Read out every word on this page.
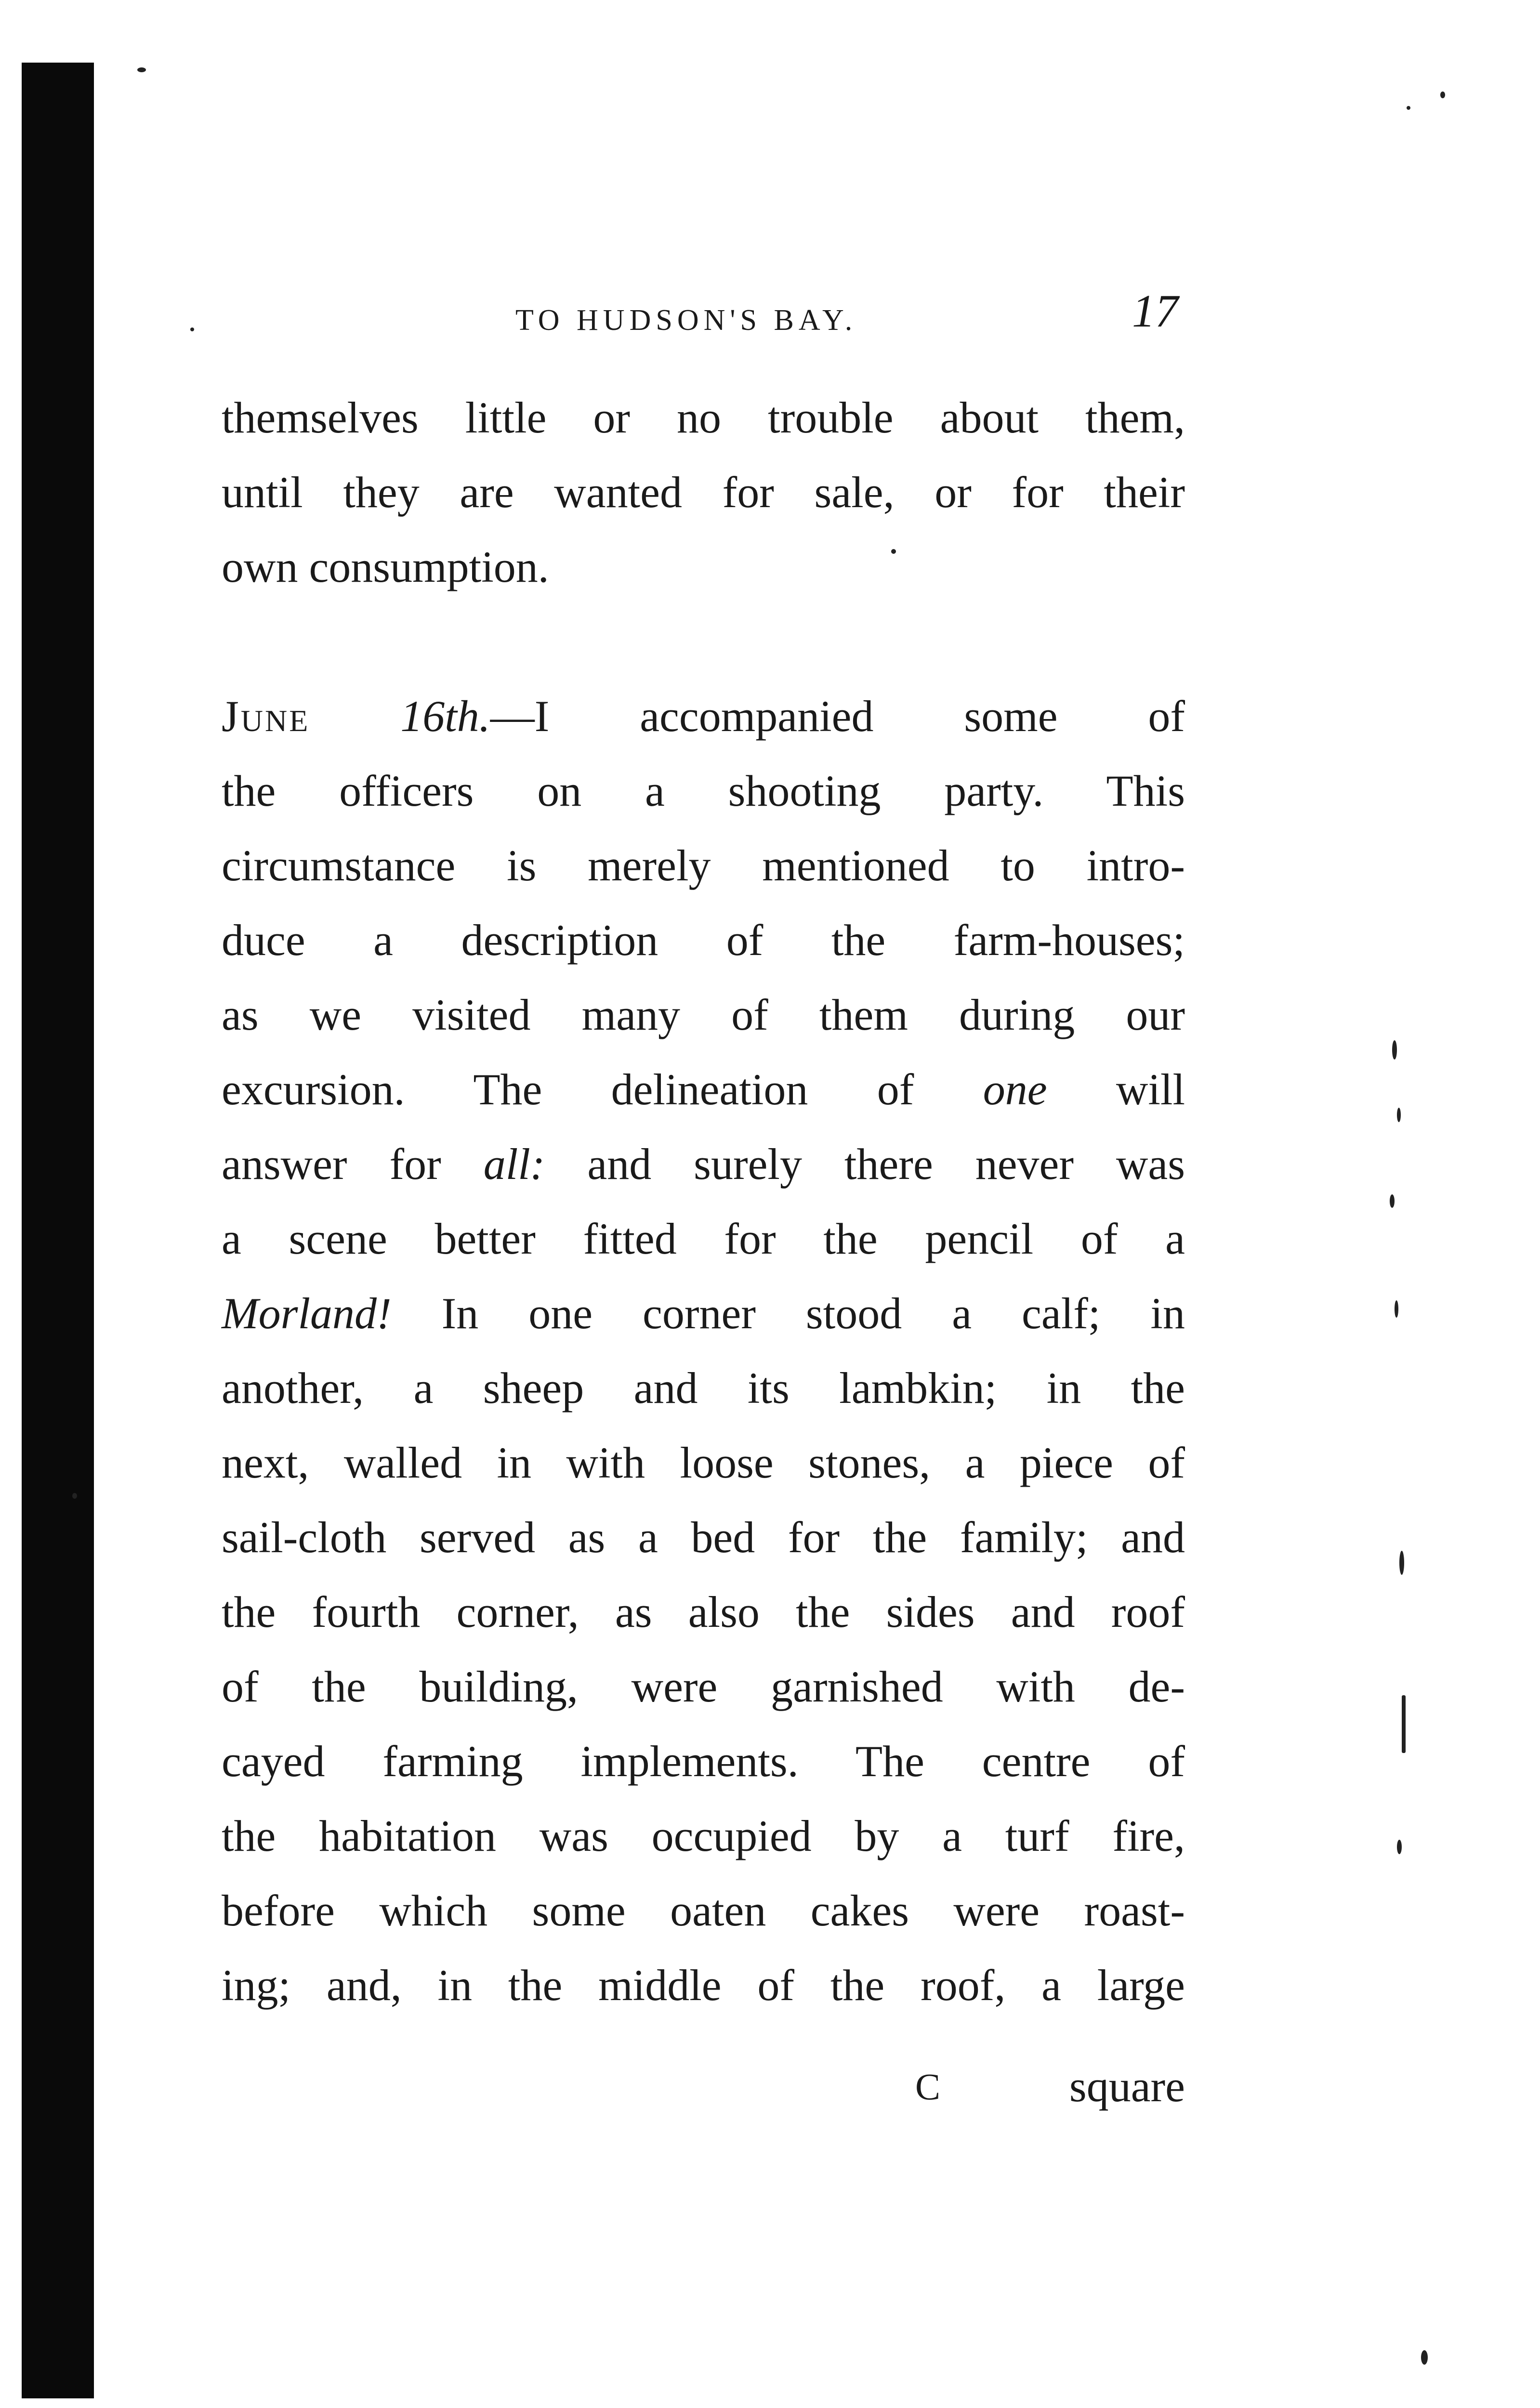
TO HUDSON'S BAY.	17
themselves little or no trouble about them,
until they are wanted for sale, or for their
own consumption.
June 16th.—I accompanied some of
the officers on a shooting party. This
circumstance is merely mentioned to intro-
duce a description of the farm-houses;
as we visited many of them during our
excursion. The delineation of one will
answer for all: and surely there never was
a scene better fitted for the pencil of a
Morland! In one corner stood a calf; in
another, a sheep and its lambkin; in the
next, walled in with loose stones, a piece of
sail-cloth served as a bed for the family; and
the fourth corner, as also the sides and roof
of the building, were garnished with de-
cayed farming implements. The centre of
the habitation was occupied by a turf fire,
before which some oaten cakes were roast-
ing; and, in the middle of the roof, a large
C	square
